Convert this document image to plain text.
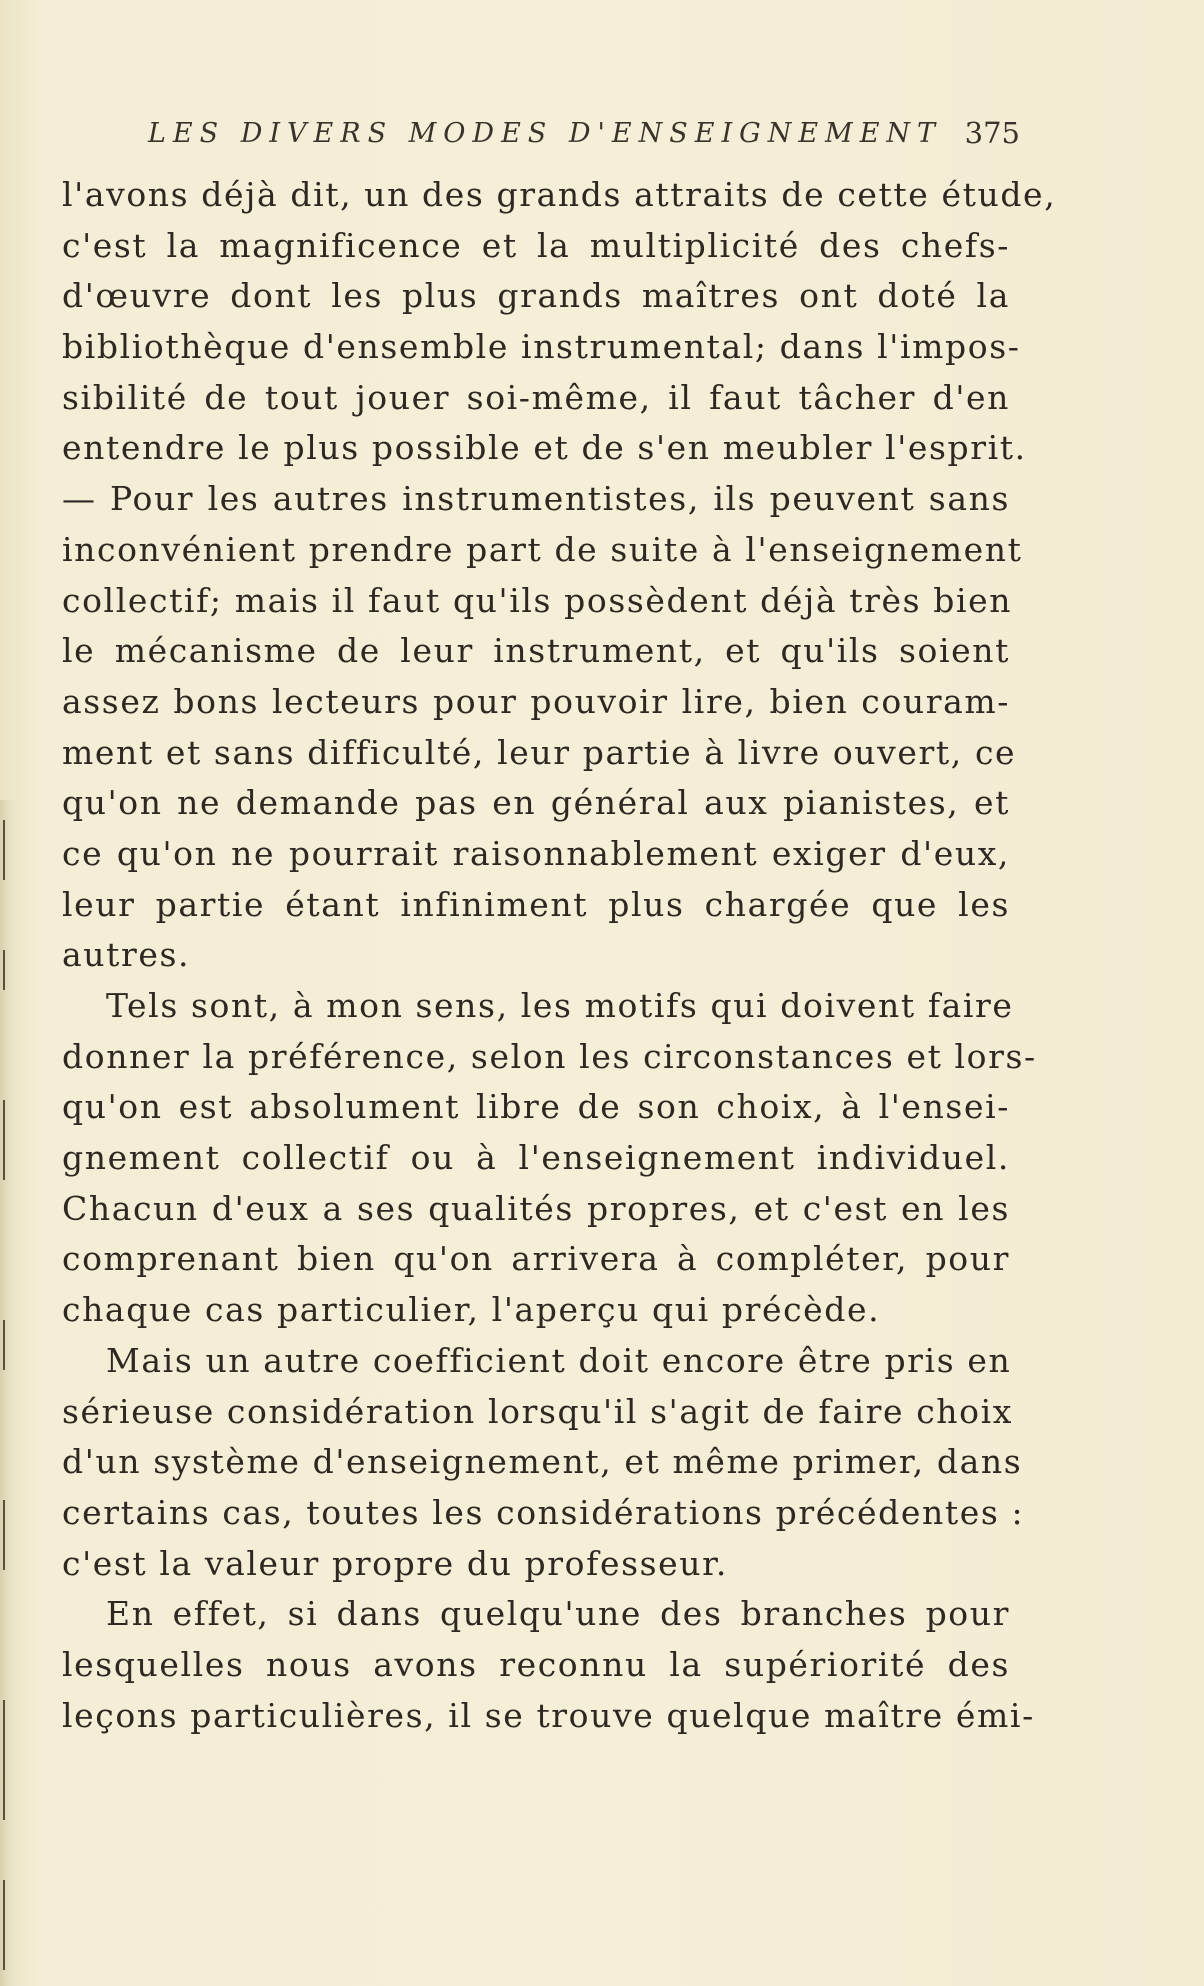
LES DIVERS MODES D'ENSEIGNEMENT 375
l'avons déjà dit, un des grands attraits de cette étude,
c'est la magnificence et la multiplicité des chefs-
d'œuvre dont les plus grands maîtres ont doté la
bibliothèque d'ensemble instrumental; dans l'impos-
sibilité de tout jouer soi-même, il faut tâcher d'en
entendre le plus possible et de s'en meubler l'esprit.
— Pour les autres instrumentistes, ils peuvent sans
inconvénient prendre part de suite à l'enseignement
collectif; mais il faut qu'ils possèdent déjà très bien
le mécanisme de leur instrument, et qu'ils soient
assez bons lecteurs pour pouvoir lire, bien couram-
ment et sans difficulté, leur partie à livre ouvert, ce
qu'on ne demande pas en général aux pianistes, et
ce qu'on ne pourrait raisonnablement exiger d'eux,
leur partie étant infiniment plus chargée que les
autres.
Tels sont, à mon sens, les motifs qui doivent faire
donner la préférence, selon les circonstances et lors-
qu'on est absolument libre de son choix, à l'ensei-
gnement collectif ou à l'enseignement individuel.
Chacun d'eux a ses qualités propres, et c'est en les
comprenant bien qu'on arrivera à compléter, pour
chaque cas particulier, l'aperçu qui précède.
Mais un autre coefficient doit encore être pris en
sérieuse considération lorsqu'il s'agit de faire choix
d'un système d'enseignement, et même primer, dans
certains cas, toutes les considérations précédentes :
c'est la valeur propre du professeur.
En effet, si dans quelqu'une des branches pour
lesquelles nous avons reconnu la supériorité des
leçons particulières, il se trouve quelque maître émi-
